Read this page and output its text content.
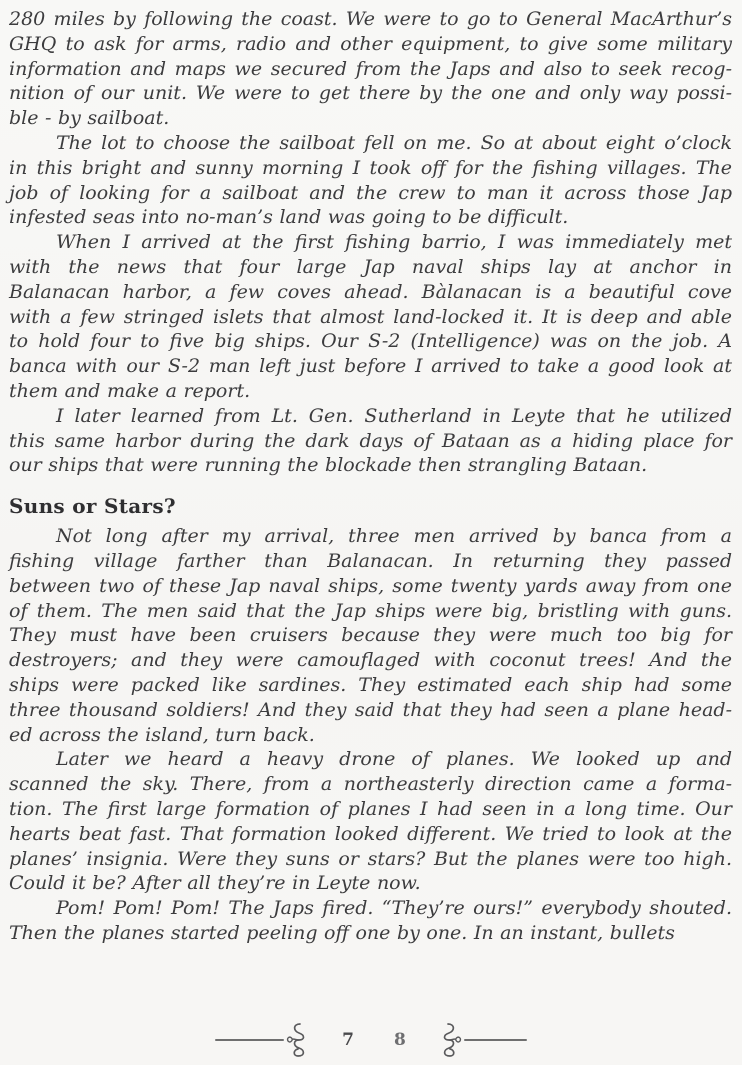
280 miles by following the coast. We were to go to General MacArthur’s
GHQ to ask for arms, radio and other equipment, to give some military
information and maps we secured from the Japs and also to seek recog-
nition of our unit. We were to get there by the one and only way possi-
ble - by sailboat.
The lot to choose the sailboat fell on me. So at about eight o’clock
in this bright and sunny morning I took off for the fishing villages. The
job of looking for a sailboat and the crew to man it across those Jap
infested seas into no-man’s land was going to be difficult.
When I arrived at the first fishing barrio, I was immediately met
with the news that four large Jap naval ships lay at anchor in
Balanacan harbor, a few coves ahead. Bàlanacan is a beautiful cove
with a few stringed islets that almost land-locked it. It is deep and able
to hold four to five big ships. Our S-2 (Intelligence) was on the job. A
banca with our S-2 man left just before I arrived to take a good look at
them and make a report.
I later learned from Lt. Gen. Sutherland in Leyte that he utilized
this same harbor during the dark days of Bataan as a hiding place for
our ships that were running the blockade then strangling Bataan.
Suns or Stars?
Not long after my arrival, three men arrived by banca from a
fishing village farther than Balanacan. In returning they passed
between two of these Jap naval ships, some twenty yards away from one
of them. The men said that the Jap ships were big, bristling with guns.
They must have been cruisers because they were much too big for
destroyers; and they were camouflaged with coconut trees! And the
ships were packed like sardines. They estimated each ship had some
three thousand soldiers! And they said that they had seen a plane head-
ed across the island, turn back.
Later we heard a heavy drone of planes. We looked up and
scanned the sky. There, from a northeasterly direction came a forma-
tion. The first large formation of planes I had seen in a long time. Our
hearts beat fast. That formation looked different. We tried to look at the
planes’ insignia. Were they suns or stars? But the planes were too high.
Could it be? After all they’re in Leyte now.
Pom! Pom! Pom! The Japs fired. “They’re ours!” everybody shouted.
Then the planes started peeling off one by one. In an instant, bullets
7 8
